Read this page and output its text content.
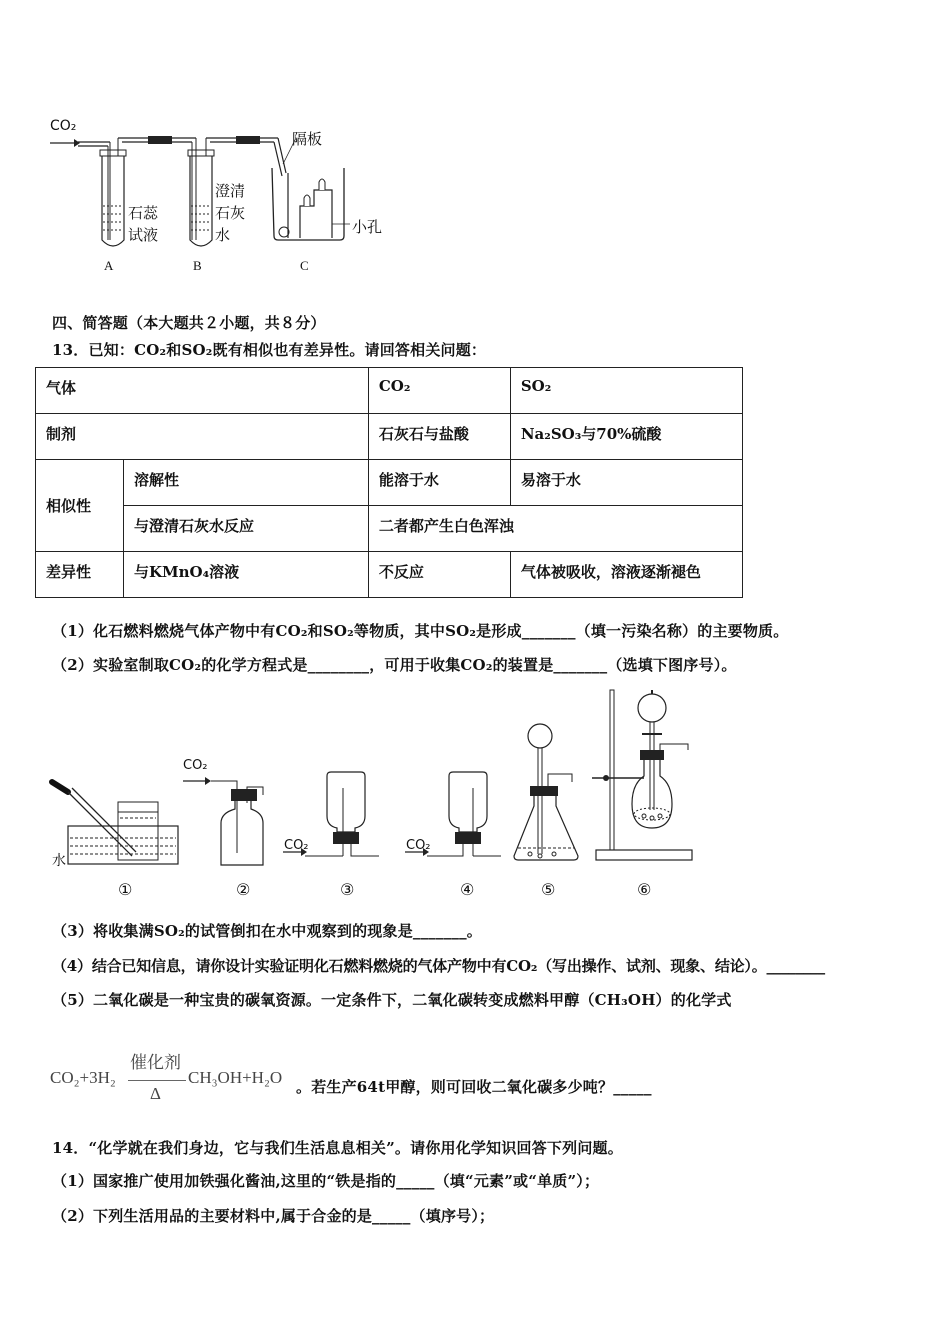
CO₂
隔板
石蕊
试液
澄清
石灰
水	小孔
A	B	C
四、简答题（本大题共２小题，共８分）
13．已知：CO₂和SO₂既有相似也有差异性。请回答相关问题：
气体		CO₂	SO₂
制剂		石灰石与盐酸	Na₂SO₃与70%硫酸
相似性	溶解性	能溶于水	易溶于水
	与澄清石灰水反应	二者都产生白色浑浊	
差异性	与KMnO₄溶液	不反应	气体被吸收，溶液逐渐褪色
（1）化石燃料燃烧气体产物中有CO₂和SO₂等物质，其中SO₂是形成_______（填一污染名称）的主要物质。
（2）实验室制取CO₂的化学方程式是________，可用于收集CO₂的装置是_______（选填下图序号）。
水
CO₂
CO₂	CO₂
①	②	③	④	⑤	⑥
（3）将收集满SO₂的试管倒扣在水中观察到的现象是_______。
（4）结合已知信息，请你设计实验证明化石燃料燃烧的气体产物中有CO₂（写出操作、试剂、现象、结论）。________
（5）二氧化碳是一种宝贵的碳氧资源。一定条件下，二氧化碳转变成燃料甲醇（CH₃OH）的化学式
CO₂+3H₂
催化剂
Δ
CH₃OH+H₂O 。若生产64t甲醇，则可回收二氧化碳多少吨？_____
14．“化学就在我们身边，它与我们生活息息相关”。请你用化学知识回答下列问题。
（1）国家推广使用加铁强化酱油,这里的“铁是指的_____（填“元素”或“单质”）；
（2）下列生活用品的主要材料中,属于合金的是_____（填序号）；
